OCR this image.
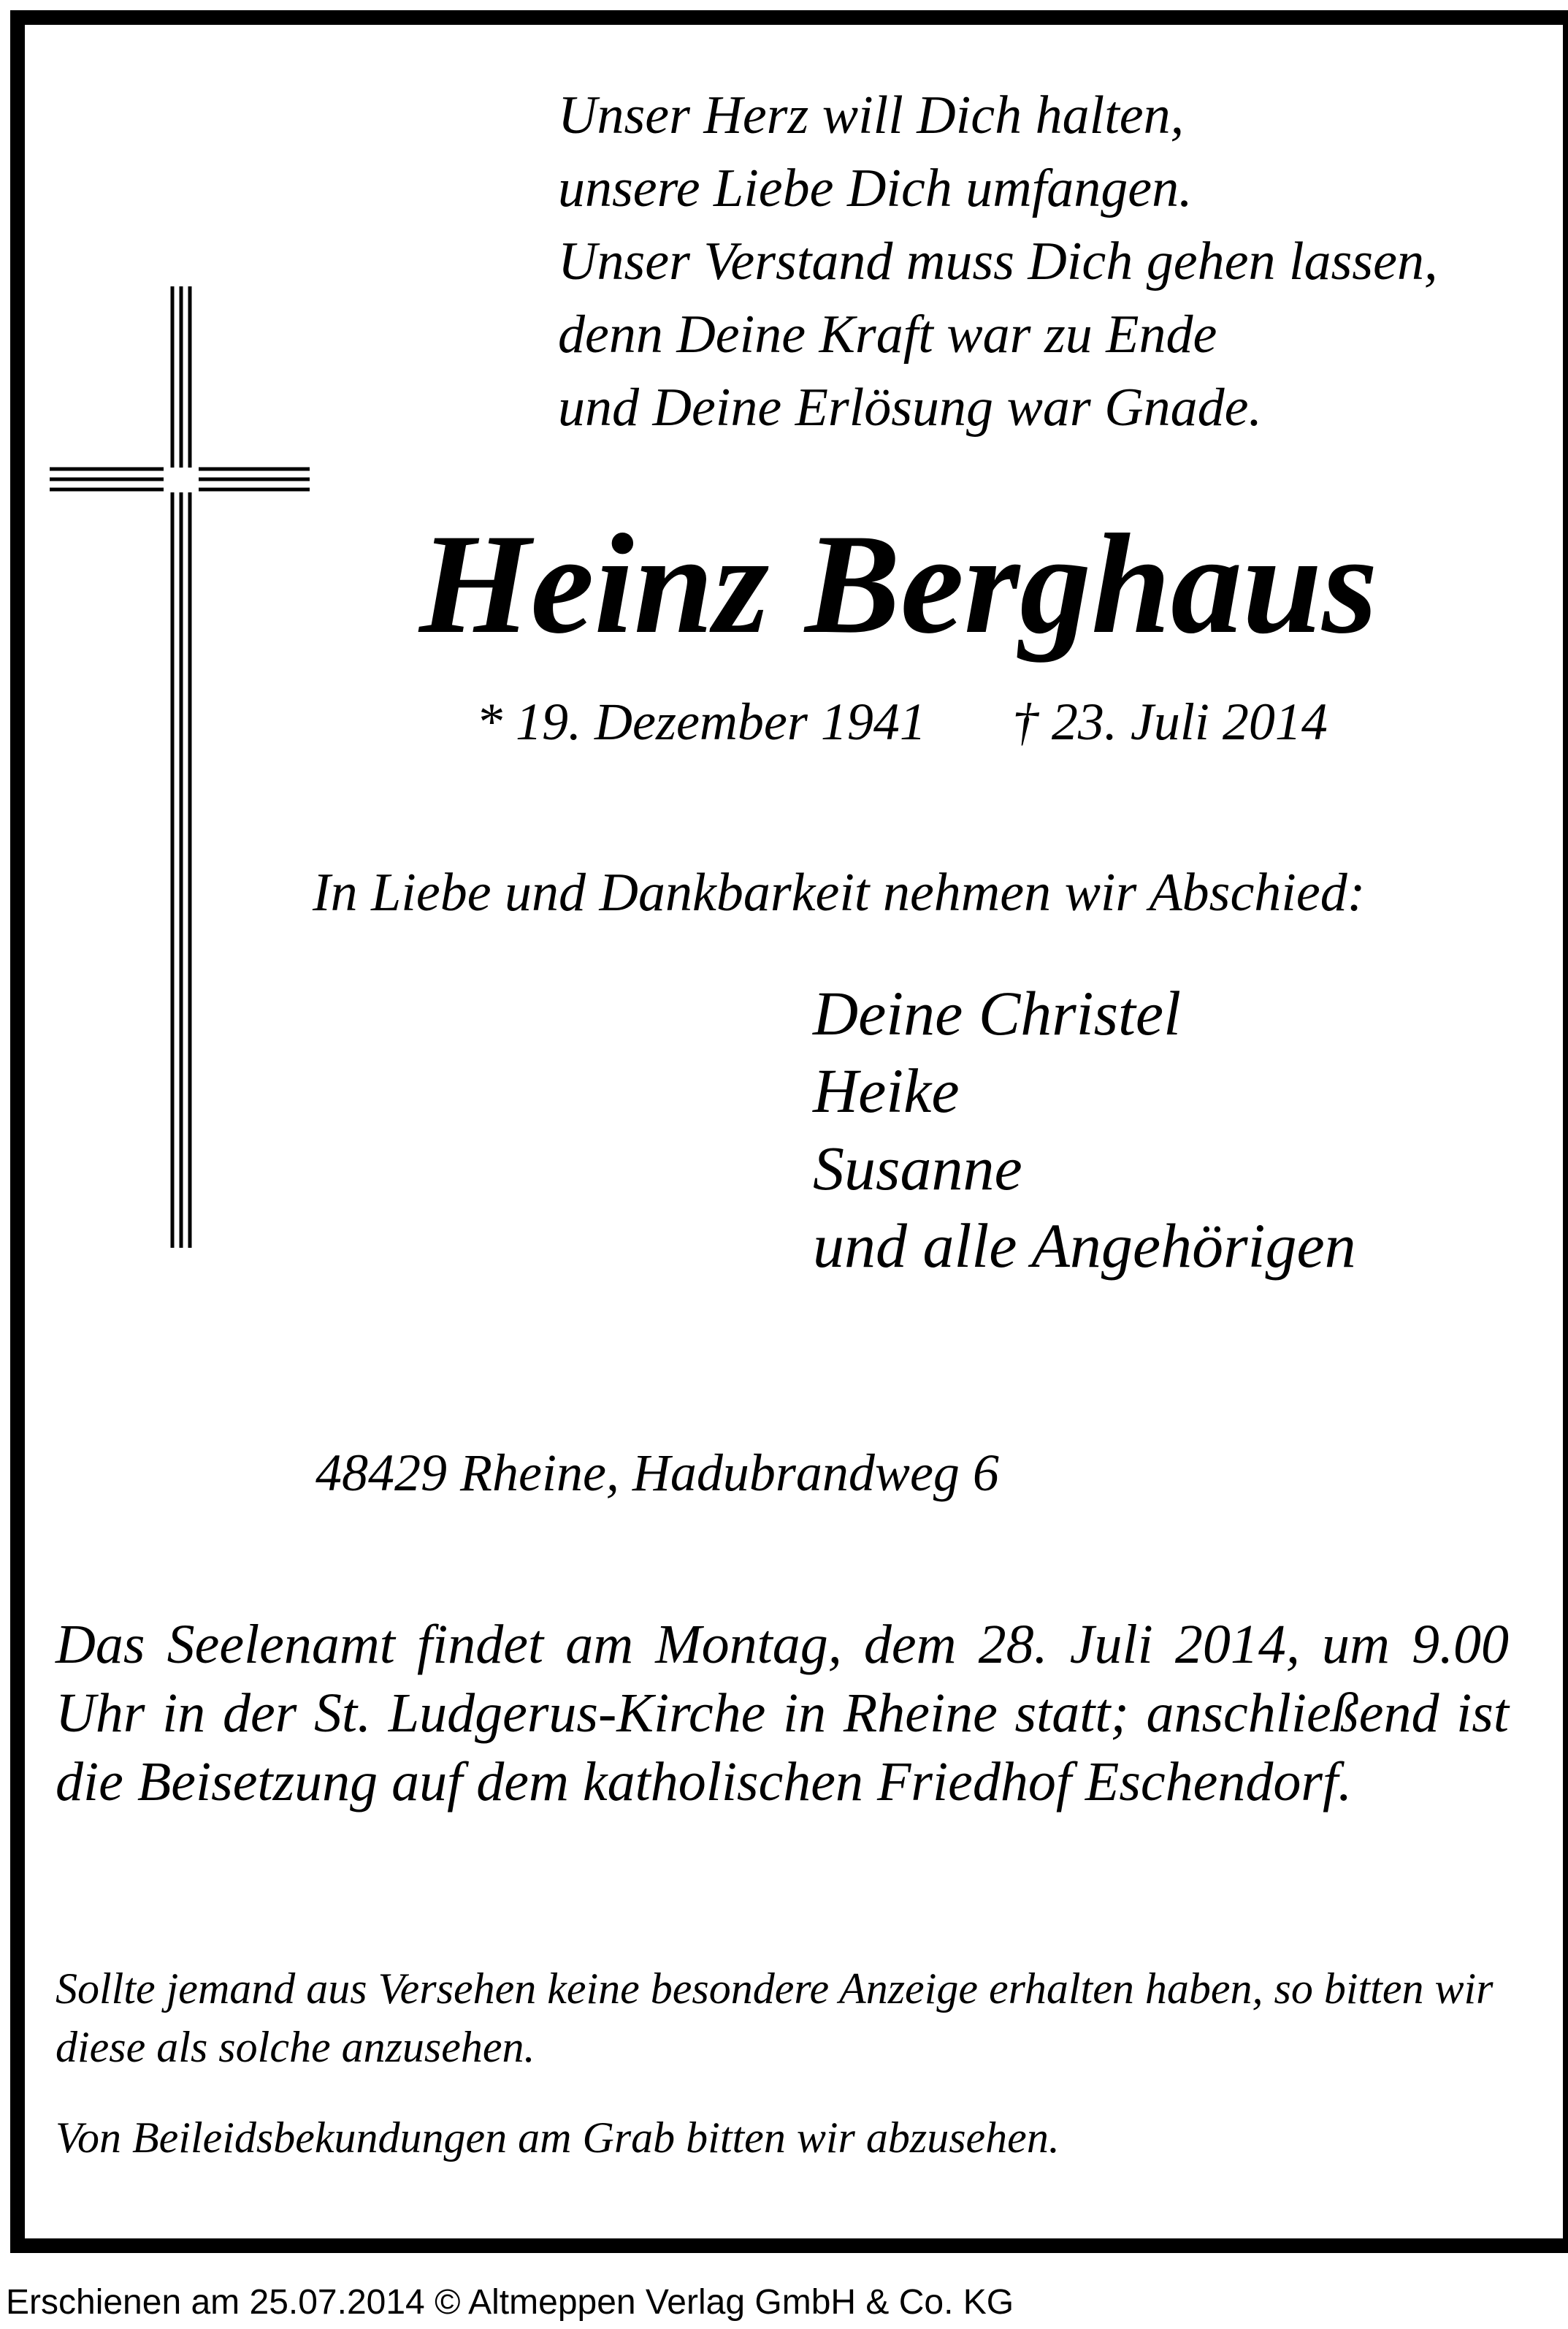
Unser Herz will Dich halten,
unsere Liebe Dich umfangen.
Unser Verstand muss Dich gehen lassen,
denn Deine Kraft war zu Ende
und Deine Erlösung war Gnade.
Heinz Berghaus
* 19. Dezember 1941 † 23. Juli 2014
In Liebe und Dankbarkeit nehmen wir Abschied:
Deine Christel
Heike
Susanne
und alle Angehörigen
48429 Rheine, Hadubrandweg 6
Das Seelenamt findet am Montag, dem 28. Juli 2014, um 9.00 Uhr in der St. Ludgerus-Kirche in Rheine statt; anschließend ist die Beisetzung auf dem katholischen Friedhof Eschendorf.
Sollte jemand aus Versehen keine besondere Anzeige erhalten haben, so bitten wir diese als solche anzusehen.
Von Beileidsbekundungen am Grab bitten wir abzusehen.
Erschienen am 25.07.2014 © Altmeppen Verlag GmbH & Co. KG
